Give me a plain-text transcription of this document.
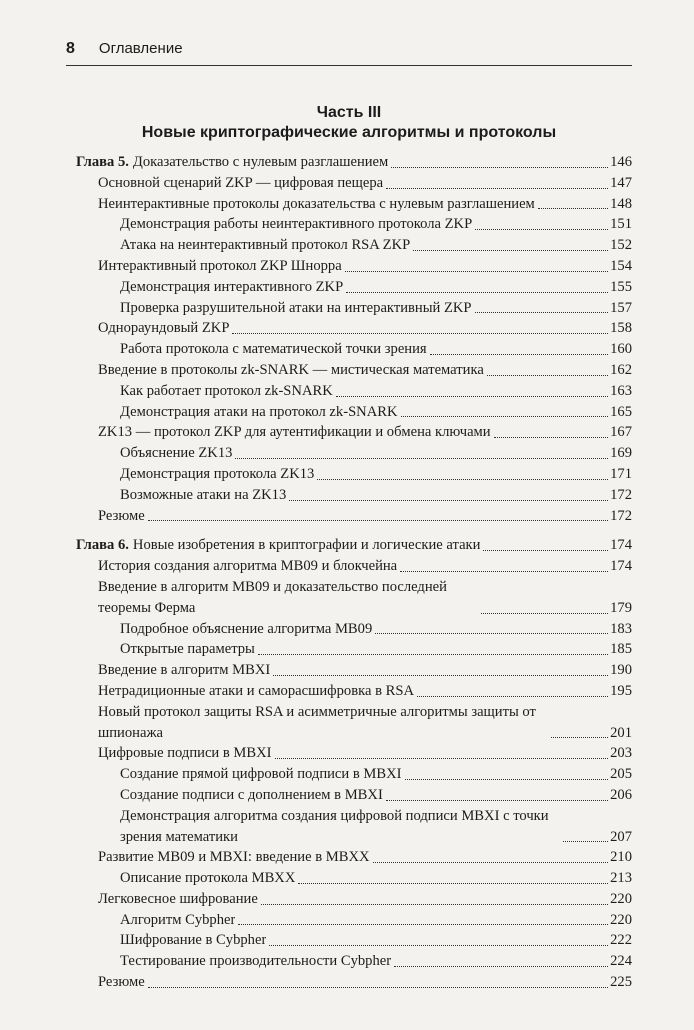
8 Оглавление
Часть III
Новые криптографические алгоритмы и протоколы
Глава 5. Доказательство с нулевым разглашением	146
Основной сценарий ZKP — цифровая пещера	147
Неинтерактивные протоколы доказательства с нулевым разглашением	148
Демонстрация работы неинтерактивного протокола ZKP	151
Атака на неинтерактивный протокол RSA ZKP	152
Интерактивный протокол ZKP Шнорра	154
Демонстрация интерактивного ZKP	155
Проверка разрушительной атаки на интерактивный ZKP	157
Однораундовый ZKP	158
Работа протокола с математической точки зрения	160
Введение в протоколы zk-SNARK — мистическая математика	162
Как работает протокол zk-SNARK	163
Демонстрация атаки на протокол zk-SNARK	165
ZK13 — протокол ZKP для аутентификации и обмена ключами	167
Объяснение ZK13	169
Демонстрация протокола ZK13	171
Возможные атаки на ZK13	172
Резюме	172
Глава 6. Новые изобретения в криптографии и логические атаки	174
История создания алгоритма MB09 и блокчейна	174
Введение в алгоритм MB09 и доказательство последней теоремы Ферма	179
Подробное объяснение алгоритма MB09	183
Открытые параметры	185
Введение в алгоритм MBXI	190
Нетрадиционные атаки и саморасшифровка в RSA	195
Новый протокол защиты RSA и асимметричные алгоритмы защиты от шпионажа	201
Цифровые подписи в MBXI	203
Создание прямой цифровой подписи в MBXI	205
Создание подписи с дополнением в MBXI	206
Демонстрация алгоритма создания цифровой подписи MBXI с точки зрения математики	207
Развитие MB09 и MBXI: введение в MBXX	210
Описание протокола MBXX	213
Легковесное шифрование	220
Алгоритм Cybpher	220
Шифрование в Cybpher	222
Тестирование производительности Cybpher	224
Резюме	225
